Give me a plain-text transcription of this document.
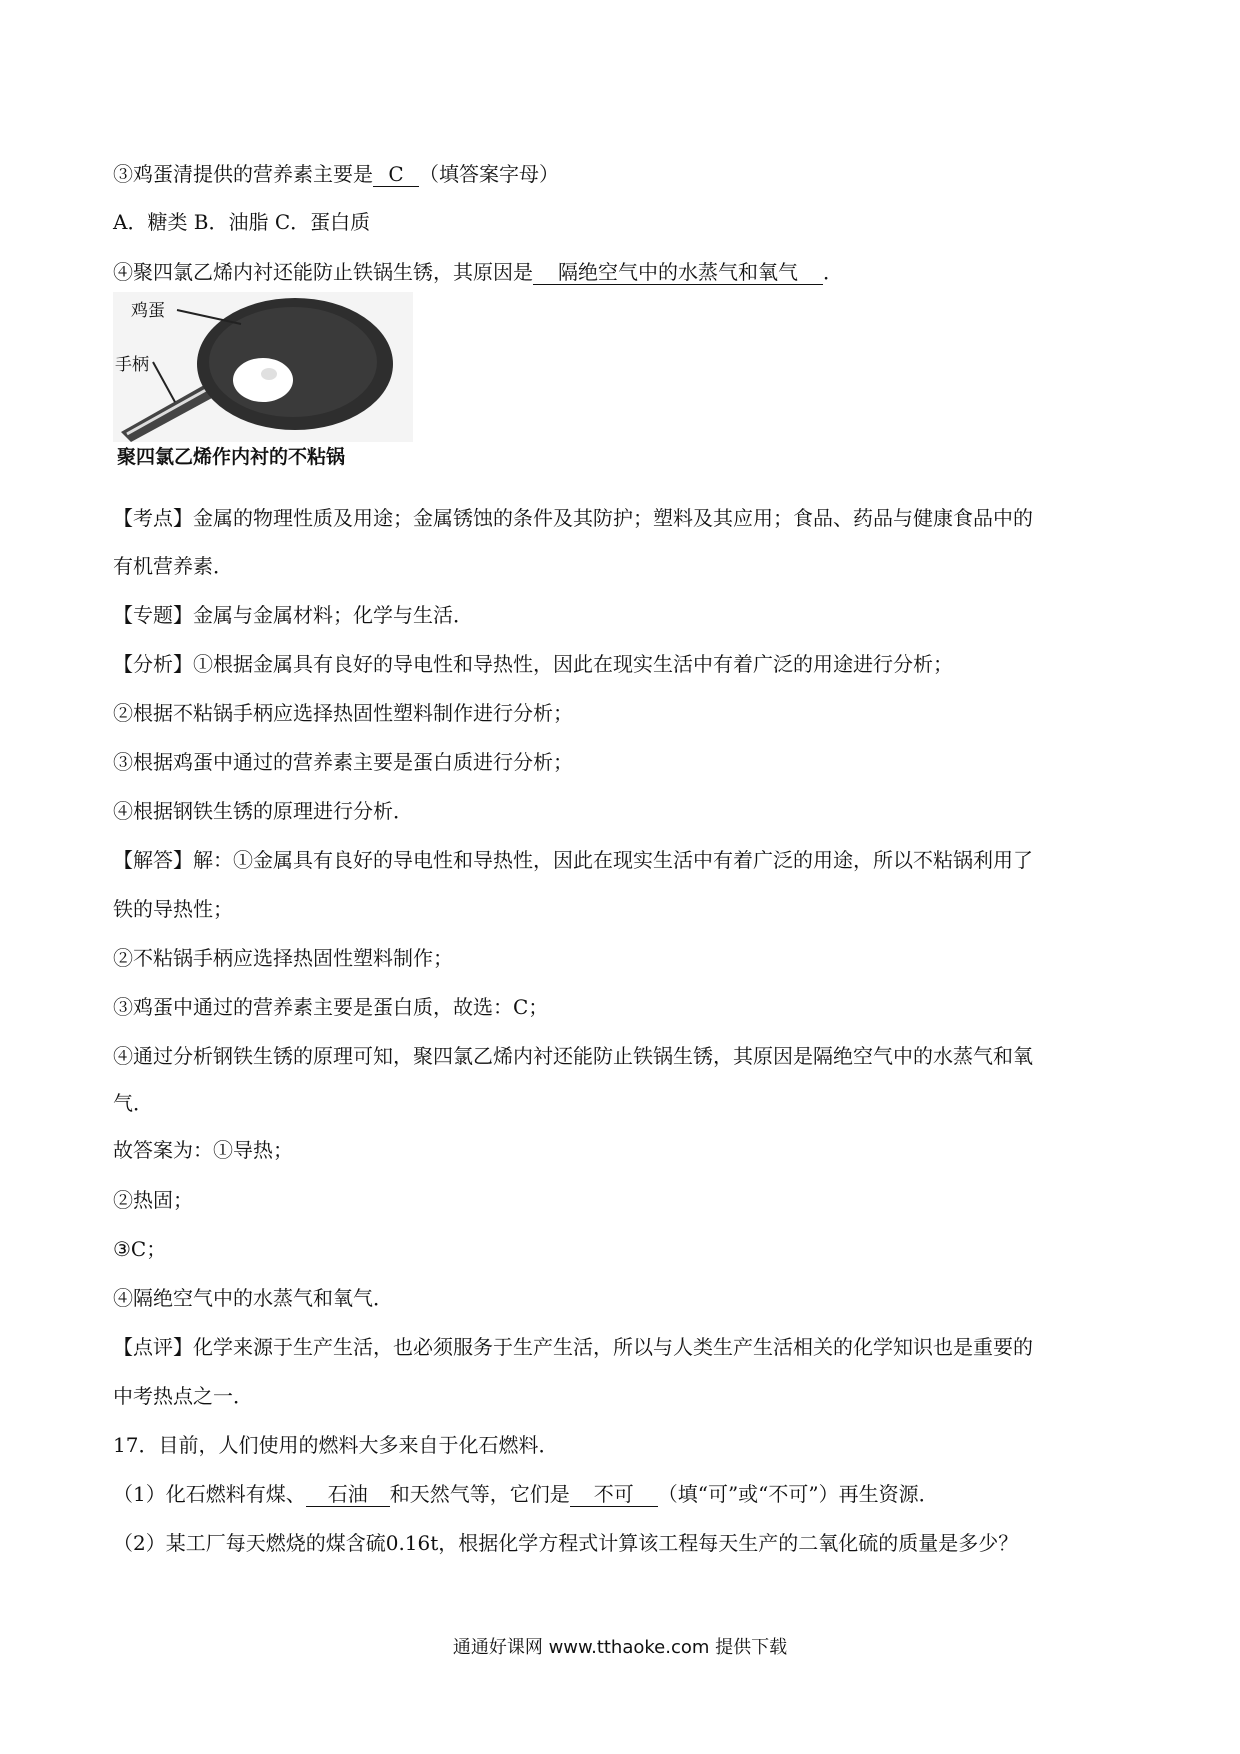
③鸡蛋清提供的营养素主要是 C （填答案字母）
A．糖类 B．油脂 C．蛋白质
④聚四氯乙烯内衬还能防止铁锅生锈，其原因是 隔绝空气中的水蒸气和氧气 ．
鸡蛋
手柄
聚四氯乙烯作内衬的不粘锅
【考点】金属的物理性质及用途；金属锈蚀的条件及其防护；塑料及其应用；食品、药品与健康食品中的
有机营养素．
【专题】金属与金属材料；化学与生活．
【分析】①根据金属具有良好的导电性和导热性，因此在现实生活中有着广泛的用途进行分析；
②根据不粘锅手柄应选择热固性塑料制作进行分析；
③根据鸡蛋中通过的营养素主要是蛋白质进行分析；
④根据钢铁生锈的原理进行分析．
【解答】解：①金属具有良好的导电性和导热性，因此在现实生活中有着广泛的用途，所以不粘锅利用了
铁的导热性；
②不粘锅手柄应选择热固性塑料制作；
③鸡蛋中通过的营养素主要是蛋白质，故选：C；
④通过分析钢铁生锈的原理可知，聚四氯乙烯内衬还能防止铁锅生锈，其原因是隔绝空气中的水蒸气和氧
气．
故答案为：①导热；
②热固；
③C；
④隔绝空气中的水蒸气和氧气．
【点评】化学来源于生产生活，也必须服务于生产生活，所以与人类生产生活相关的化学知识也是重要的
中考热点之一．
17．目前，人们使用的燃料大多来自于化石燃料．
（1）化石燃料有煤、 石油 和天然气等，它们是 不可 （填“可”或“不可”）再生资源．
（2）某工厂每天燃烧的煤含硫0.16t，根据化学方程式计算该工程每天生产的二氧化硫的质量是多少？
通通好课网 www.tthaoke.com 提供下载
